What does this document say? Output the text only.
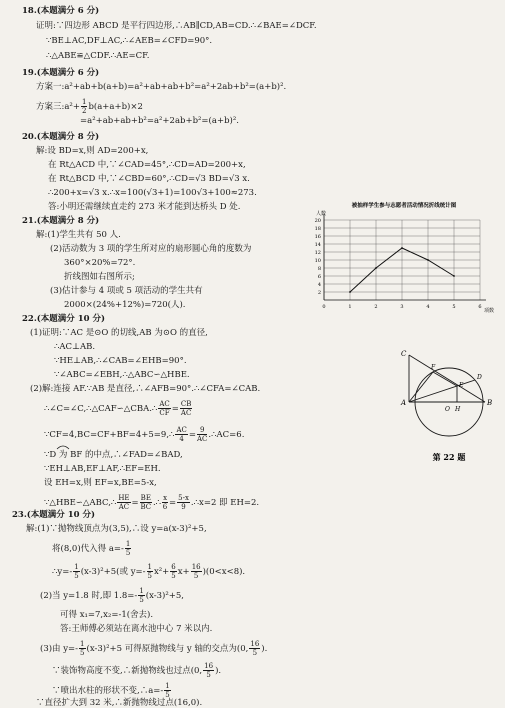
18.(本题满分 6 分)
证明:∵四边形 ABCD 是平行四边形,∴AB∥CD,AB=CD.∴∠BAE=∠DCF.
∵BE⊥AC,DF⊥AC,∴∠AEB=∠CFD=90°.
∴△ABE≌△CDF.∴AE=CF.
19.(本题满分 6 分)
方案一:a²+ab+b(a+b)=a²+ab+ab+b²=a²+2ab+b²=(a+b)².
方案三:a²+ $\frac{1}{2} b(a+a+b)\times 2$
=a²+ab+ab+b²=a²+2ab+b²=(a+b)².
20.(本题满分 8 分)
解:设 BD=x,则 AD=200+x,
在 Rt△ACD 中,∵∠CAD=45°,∴CD=AD=200+x,
在 Rt△BCD 中,∵∠CBD=60°,∴CD=√3 BD=√3 x.
∴200+x=√3 x.∴x=100(√3+1)=100√3+100≈273.
答:小明还需继续直走约 273 米才能到达桥头 D 处.
21.(本题满分 8 分)
解:(1)学生共有 50 人.
(2)活动数为 3 项的学生所对应的扇形圆心角的度数为
360°×20%=72°.
折线图如右图所示;
(3)估计参与 4 项或 5 项活动的学生共有
2000×(24%+12%)=720(人).
被抽样学生参与志愿者活动情况折线统计图
人数
项数
2
4
6
8
10
12
14
16
18
20
0	1	2	3	4	5	6
22.(本题满分 10 分)
(1)证明:∵AC 是⊙O 的切线,AB 为⊙O 的直径,
∴AC⊥AB.
∵HE⊥AB,∴∠CAB=∠EHB=90°.
∵∠ABC=∠EBH,∴△ABC∽△HBE.
(2)解:连接 AF.∵AB 是直径,∴∠AFB=90°.∴∠CFA=∠CAB.
∴∠C=∠C,∴△CAF∽△CBA.∴ $\frac{AC}{CF} = \frac{CB}{AC}$
∵CF=4,BC=CF+BF=4+5=9,∴ $\frac{AC}{4} = \frac{9}{AC}$ .∴AC=6.
∵D 为 BF 的中点,∴∠FAD=∠BAD,
∵EH⊥AB,EF⊥AF,∴EF=EH.
设 EH=x,则 EF=x,BE=5-x,
∵△HBE∽△ABC,∴ $\frac{HE}{AC} = \frac{BE}{BC}$ .∴ $\frac{x}{6} = \frac{5-x}{9}$ .∴x=2 即 EH=2.
C
F
D
E
A
O H
B
第 22 题
23.(本题满分 10 分)
解:(1)∵抛物线顶点为(3,5),∴设 y=a(x-3)²+5,
将(8,0)代入得 $a=- \frac{1}{5}$
∴y=- $\frac{1}{5} (x-3)^2+5$(或 $y=- \frac{1}{5} x^2+ \frac{6}{5} x+ \frac{16}{5} )(0<x<8)$.
(2)当 y=1.8 时,即 $1.8=- \frac{1}{5} (x-3)^2+5$,
可得 x₁=7,x₂=-1(舍去).
答:王师傅必须站在离水池中心 7 米以内.
(3)由 $y=- \frac{1}{5} (x-3)^2+5$ 可得原抛物线与 y 轴的交点为(0, $\frac{16}{5}$ ).
∵装饰物高度不变,∴新抛物线也过点(0, $\frac{16}{5}$ ).
∵喷出水柱的形状不变,∴a=- $\frac{1}{5}$
∵直径扩大到 32 米,∴新抛物线过点(16,0).
